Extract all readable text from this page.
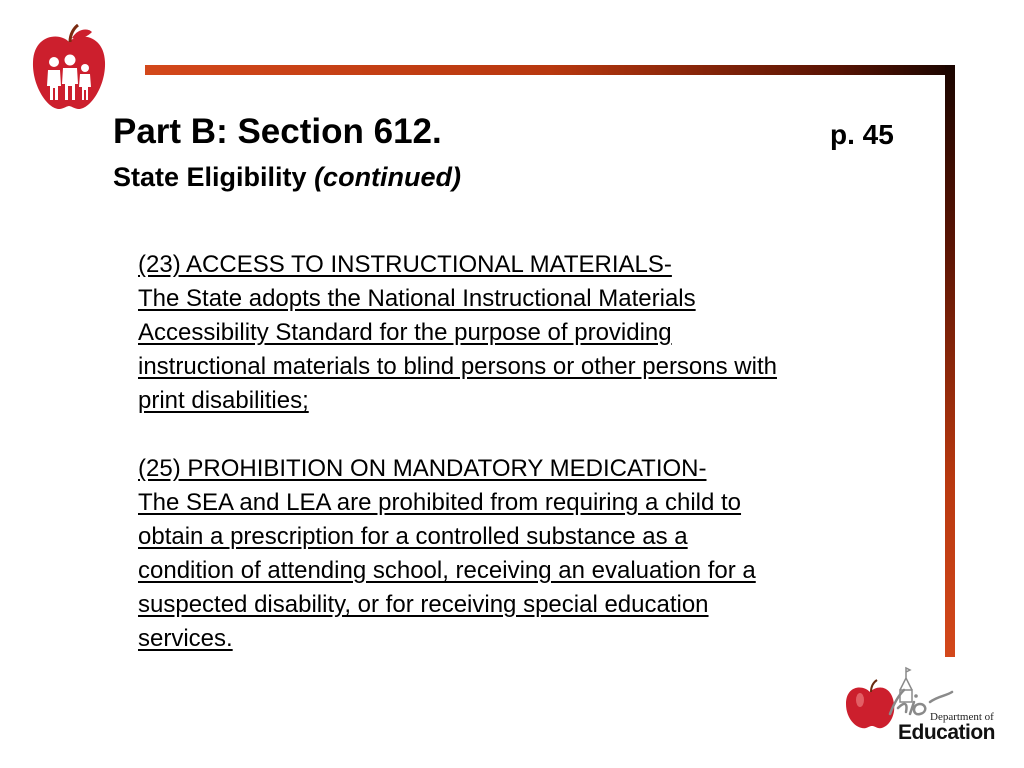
Part B: Section 612.	p. 45
State Eligibility (continued)

(23) ACCESS TO INSTRUCTIONAL MATERIALS-

The State adopts the National Instructional Materials

Accessibility Standard for the purpose of providing

instructional materials to blind persons or other persons with

print disabilities;

(25) PROHIBITION ON MANDATORY MEDICATION-

The SEA and LEA are prohibited from requiring a child to

obtain a prescription for a controlled substance as a

condition of attending school, receiving an evaluation for a

suspected disability, or for receiving special education

services.

Department of
Education
